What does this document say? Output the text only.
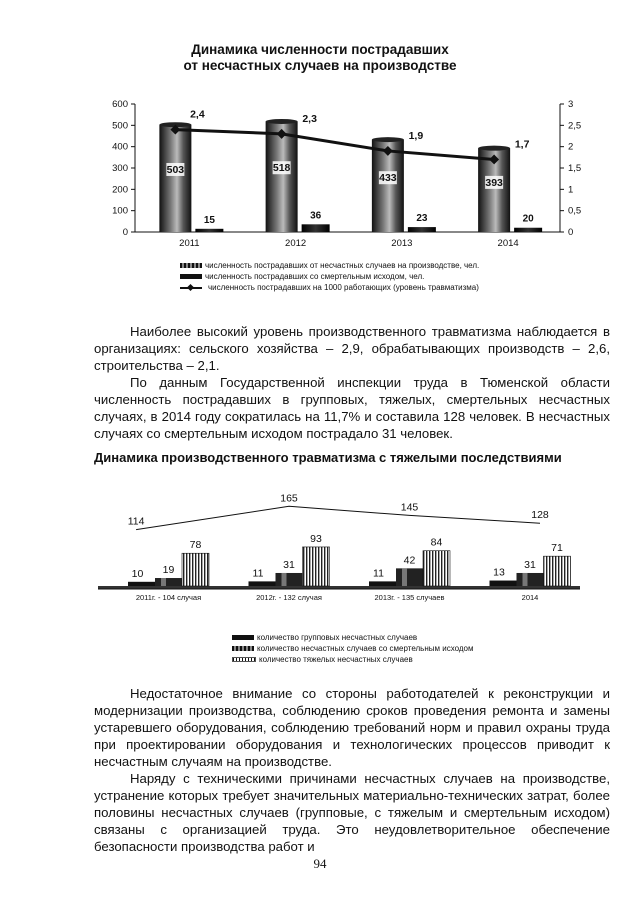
Динамика численности пострадавших
от несчастных случаев на производстве
0
100
200
300
400
500
600
0
0,5
1
1,5
2
2,5
3
503
15
2011
518
36
2012
433
23
2013
393
20
2014
2,4	2,3
1,9
1,7
численность пострадавших от несчастных случаев на производстве, чел.
численность пострадавших со смертельным исходом, чел.
численность пострадавших на 1000 работающих (уровень травматизма)

Наиболее высокий уровень производственного травматизма наблюдается в организациях: сельского хозяйства – 2,9, обрабатывающих производств – 2,6, строительства – 2,1.

По данным Государственной инспекции труда в Тюменской области численность пострадавших в групповых, тяжелых, смертельных несчастных случаях, в 2014 году сократилась на 11,7% и составила 128 человек. В несчастных случаях со смертельным исходом пострадало 31 человек.

Динамика производственного травматизма с тяжелыми последствиями
10 19
78
2011г. - 104 случая
11
31
93
2012г. - 132 случая
11
42
84
2013г. - 135 случаев
13
31
71
2014
114
165
145
128
количество групповых несчастных случаев
количество несчастных случаев со смертельным исходом
количество тяжелых несчастных случаев

Недостаточное внимание со стороны работодателей к реконструкции и модернизации производства, соблюдению сроков проведения ремонта и замены устаревшего оборудования, соблюдению требований норм и правил охраны труда при проектировании оборудования и технологических процессов приводит к несчастным случаям на производстве.

Наряду с техническими причинами несчастных случаев на производстве, устранение которых требует значительных материально-технических затрат, более половины несчастных случаев (групповые, с тяжелым и смертельным исходом) связаны с организацией труда. Это неудовлетворительное обеспечение безопасности производства работ и

94
